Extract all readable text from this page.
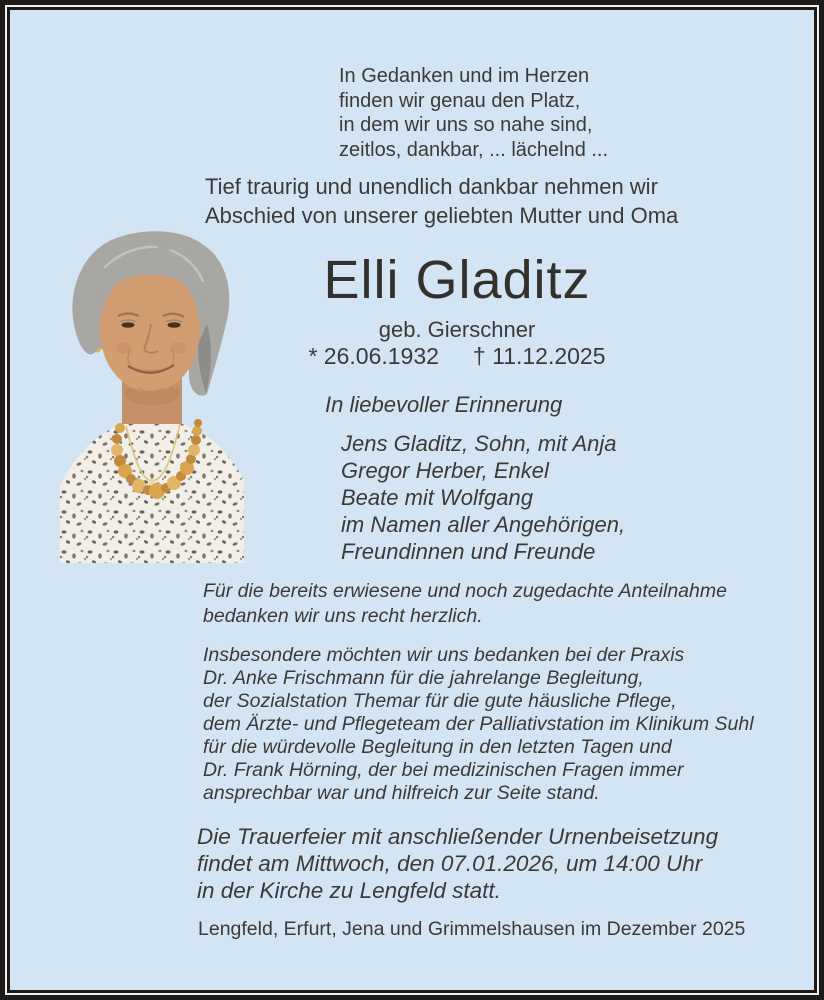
In Gedanken und im Herzen
finden wir genau den Platz,
in dem wir uns so nahe sind,
zeitlos, dankbar, ... lächelnd ...
Tief traurig und unendlich dankbar nehmen wir
Abschied von unserer geliebten Mutter und Oma
Elli Gladitz
geb. Gierschner
* 26.06.1932 † 11.12.2025
In liebevoller Erinnerung
Jens Gladitz, Sohn, mit Anja
Gregor Herber, Enkel
Beate mit Wolfgang
im Namen aller Angehörigen,
Freundinnen und Freunde
Für die bereits erwiesene und noch zugedachte Anteilnahme
bedanken wir uns recht herzlich.
Insbesondere möchten wir uns bedanken bei der Praxis
Dr. Anke Frischmann für die jahrelange Begleitung,
der Sozialstation Themar für die gute häusliche Pflege,
dem Ärzte- und Pflegeteam der Palliativstation im Klinikum Suhl
für die würdevolle Begleitung in den letzten Tagen und
Dr. Frank Hörning, der bei medizinischen Fragen immer
ansprechbar war und hilfreich zur Seite stand.
Die Trauerfeier mit anschließender Urnenbeisetzung
findet am Mittwoch, den 07.01.2026, um 14:00 Uhr
in der Kirche zu Lengfeld statt.
Lengfeld, Erfurt, Jena und Grimmelshausen im Dezember 2025
